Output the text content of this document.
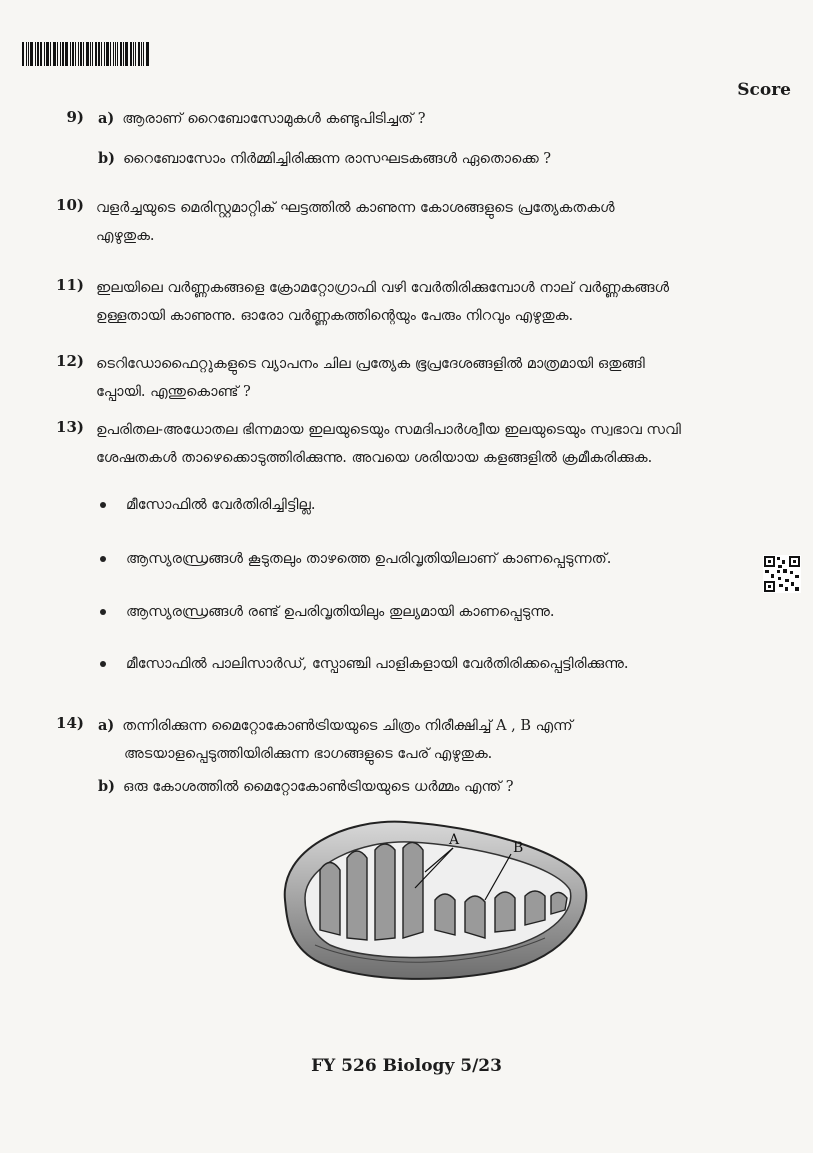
Score
9) a) ആരാണ് റൈബോസോമുകൾ കണ്ടുപിടിച്ചത് ?
b) റൈബോസോം നിർമ്മിച്ചിരിക്കുന്ന രാസഘടകങ്ങൾ ഏതൊക്കെ ?
10) വളർച്ചയുടെ മെരിസ്റ്റമാറ്റിക് ഘട്ടത്തിൽ കാണുന്ന കോശങ്ങളുടെ പ്രത്യേകതകൾ
എഴുതുക.
11) ഇലയിലെ വർണ്ണകങ്ങളെ ക്രോമറ്റോഗ്രാഫി വഴി വേർതിരിക്കുമ്പോൾ നാല് വർണ്ണകങ്ങൾ
ഉള്ളതായി കാണുന്നു. ഓരോ വർണ്ണകത്തിന്റെയും പേരും നിറവും എഴുതുക.
12) ടെറിഡോഫൈറ്റുകളുടെ വ്യാപനം ചില പ്രത്യേക ഭൂപ്രദേശങ്ങളിൽ മാത്രമായി ഒതുങ്ങി
പ്പോയി. എന്തുകൊണ്ട് ?
13) ഉപരിതല-അധോതല ഭിന്നമായ ഇലയുടെയും സമദിപാർശ്വീയ ഇലയുടെയും സ്വഭാവ സവി
ശേഷതകൾ താഴെക്കൊടുത്തിരിക്കുന്നു. അവയെ ശരിയായ കളങ്ങളിൽ ക്രമീകരിക്കുക.
മീസോഫിൽ വേർതിരിച്ചിട്ടില്ല.
ആസ്യരന്ധ്രങ്ങൾ കൂടുതലും താഴത്തെ ഉപരിവൃതിയിലാണ് കാണപ്പെടുന്നത്.
ആസ്യരന്ധ്രങ്ങൾ രണ്ട് ഉപരിവൃതിയിലും തുല്യമായി കാണപ്പെടുന്നു.
മീസോഫിൽ പാലിസാർഡ്, സ്പോഞ്ചി പാളികളായി വേർതിരിക്കപ്പെട്ടിരിക്കുന്നു.
14) a) തന്നിരിക്കുന്ന മൈറ്റോകോൺട്രിയയുടെ ചിത്രം നിരീക്ഷിച്ച് A , B എന്ന്
അടയാളപ്പെടുത്തിയിരിക്കുന്ന ഭാഗങ്ങളുടെ പേര് എഴുതുക.
b) ഒരു കോശത്തിൽ മൈറ്റോകോൺട്രിയയുടെ ധർമ്മം എന്ത് ?
A	B
FY 526 Biology 5/23
